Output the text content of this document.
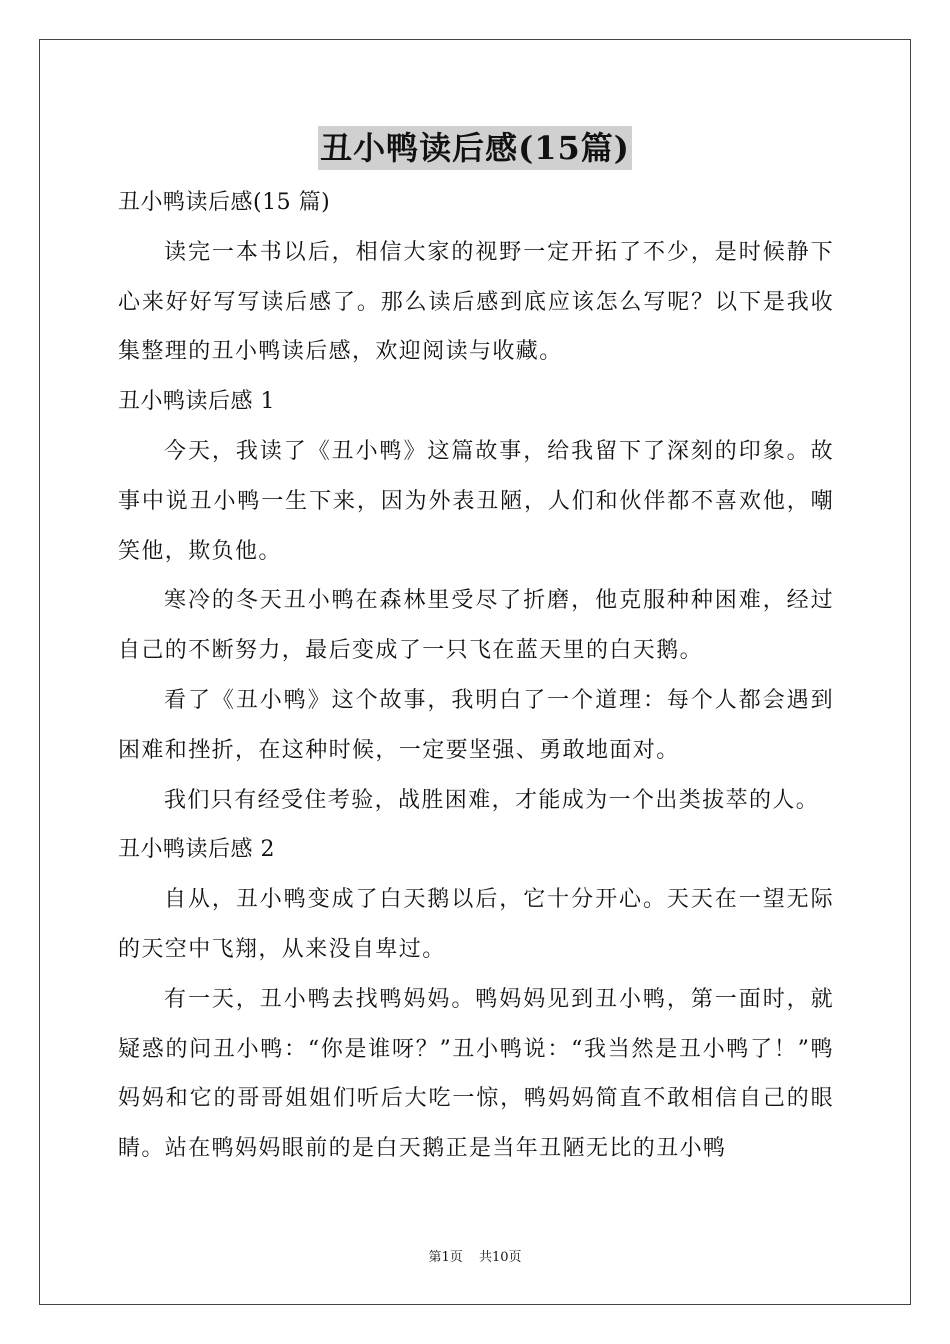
丑小鸭读后感(15篇)

丑小鸭读后感(15 篇)

读完一本书以后，相信大家的视野一定开拓了不少，是时候静下心来好好写写读后感了。那么读后感到底应该怎么写呢？以下是我收集整理的丑小鸭读后感，欢迎阅读与收藏。

丑小鸭读后感 1

今天，我读了《丑小鸭》这篇故事，给我留下了深刻的印象。故事中说丑小鸭一生下来，因为外表丑陋，人们和伙伴都不喜欢他，嘲笑他，欺负他。

寒冷的冬天丑小鸭在森林里受尽了折磨，他克服种种困难，经过自己的不断努力，最后变成了一只飞在蓝天里的白天鹅。

看了《丑小鸭》这个故事，我明白了一个道理：每个人都会遇到困难和挫折，在这种时候，一定要坚强、勇敢地面对。

我们只有经受住考验，战胜困难，才能成为一个出类拔萃的人。

丑小鸭读后感 2

自从，丑小鸭变成了白天鹅以后，它十分开心。天天在一望无际的天空中飞翔，从来没自卑过。

有一天，丑小鸭去找鸭妈妈。鸭妈妈见到丑小鸭，第一面时，就疑惑的问丑小鸭：“你是谁呀？”丑小鸭说：“我当然是丑小鸭了！”鸭妈妈和它的哥哥姐姐们听后大吃一惊，鸭妈妈简直不敢相信自己的眼睛。站在鸭妈妈眼前的是白天鹅正是当年丑陋无比的丑小鸭

第1页 共10页
